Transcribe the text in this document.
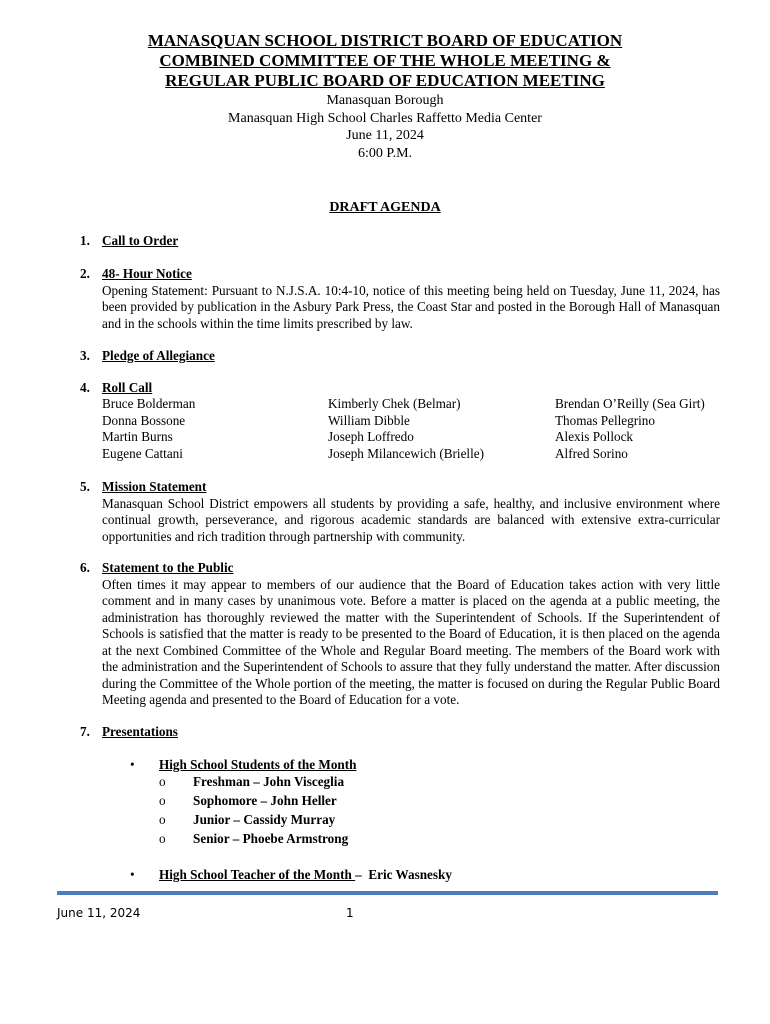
MANASQUAN SCHOOL DISTRICT BOARD OF EDUCATION
COMBINED COMMITTEE OF THE WHOLE MEETING &
REGULAR PUBLIC BOARD OF EDUCATION MEETING
Manasquan Borough
Manasquan High School Charles Raffetto Media Center
June 11, 2024
6:00 P.M.
DRAFT AGENDA
1. Call to Order
2. 48- Hour Notice
Opening Statement: Pursuant to N.J.S.A. 10:4-10, notice of this meeting being held on Tuesday, June 11, 2024, has been provided by publication in the Asbury Park Press, the Coast Star and posted in the Borough Hall of Manasquan and in the schools within the time limits prescribed by law.
3. Pledge of Allegiance
4. Roll Call
Bruce Bolderman
Donna Bossone
Martin Burns
Eugene Cattani
Kimberly Chek (Belmar)
William Dibble
Joseph Loffredo
Joseph Milancewich (Brielle)
Brendan O’Reilly (Sea Girt)
Thomas Pellegrino
Alexis Pollock
Alfred Sorino
5. Mission Statement
Manasquan School District empowers all students by providing a safe, healthy, and inclusive environment where continual growth, perseverance, and rigorous academic standards are balanced with extensive extra-curricular opportunities and rich tradition through partnership with community.
6. Statement to the Public
Often times it may appear to members of our audience that the Board of Education takes action with very little comment and in many cases by unanimous vote. Before a matter is placed on the agenda at a public meeting, the administration has thoroughly reviewed the matter with the Superintendent of Schools. If the Superintendent of Schools is satisfied that the matter is ready to be presented to the Board of Education, it is then placed on the agenda at the next Combined Committee of the Whole and Regular Board meeting. The members of the Board work with the administration and the Superintendent of Schools to assure that they fully understand the matter. After discussion during the Committee of the Whole portion of the meeting, the matter is focused on during the Regular Public Board Meeting agenda and presented to the Board of Education for a vote.
7. Presentations
• High School Students of the Month
o Freshman – John Visceglia
o Sophomore – John Heller
o Junior – Cassidy Murray
o Senior – Phoebe Armstrong
• High School Teacher of the Month –  Eric Wasnesky
June 11, 2024	1
